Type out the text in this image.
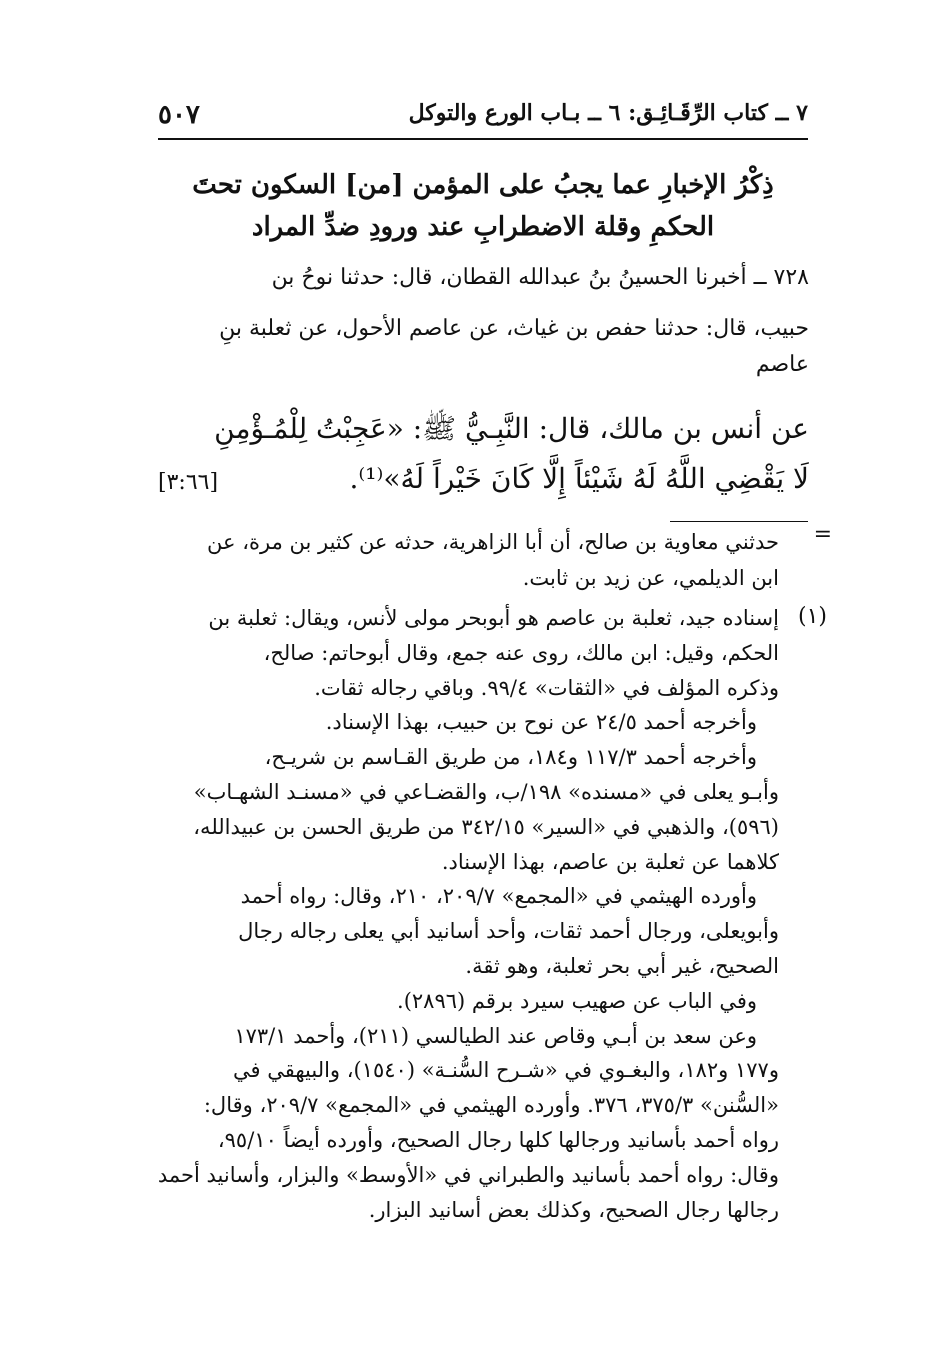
٧ ــ كتاب الرِّقَـائِـق: ٦ ــ بـاب الورع والتوكل
٥٠٧
ذِكْرُ الإخبارِ عما يجبُ على المؤمن [من] السكون تحتَ
الحكمِ وقلة الاضطرابِ عند ورودِ ضدِّ المراد
٧٢٨ ــ أخبرنا الحسينُ بنُ عبدالله القطان، قال: حدثنا نوحُ بن
حبيب، قال: حدثنا حفص بن غياث، عن عاصم الأحول، عن ثعلبة بنِ
عاصم
عن أنس بن مالك، قال: النَّبِـيُّ ﷺ: «عَجِبْتُ لِلْمُـؤْمِنِ
لَا يَقْضِي اللَّهُ لَهُ شَيْئاً إِلَّا كَانَ خَيْراً لَهُ»⁽¹⁾.
[٣:٦٦]
=
حدثني معاوية بن صالح، أن أبا الزاهرية، حدثه عن كثير بن مرة، عن
ابن الديلمي، عن زيد بن ثابت.
(١)
إسناده جيد، ثعلبة بن عاصم هو أبوبحر مولى لأنس، ويقال: ثعلبة بن
الحكم، وقيل: ابن مالك، روى عنه جمع، وقال أبوحاتم: صالح،
وذكره المؤلف في «الثقات» ٩٩/٤. وباقي رجاله ثقات.
وأخرجه أحمد ٢٤/٥ عن نوح بن حبيب، بهذا الإسناد.
وأخرجه أحمد ١١٧/٣ و١٨٤، من طريق القـاسم بن شريـح،
وأبـو يعلى في «مسنده» ١٩٨/ب، والقضـاعي في «مسنـد الشهـاب»
(٥٩٦)، والذهبي في «السير» ٣٤٢/١٥ من طريق الحسن بن عبيدالله،
كلاهما عن ثعلبة بن عاصم، بهذا الإسناد.
وأورده الهيثمي في «المجمع» ٢٠٩/٧، ٢١٠، وقال: رواه أحمد
وأبويعلى، ورجال أحمد ثقات، وأحد أسانيد أبي يعلى رجاله رجال
الصحيح، غير أبي بحر ثعلبة، وهو ثقة.
وفي الباب عن صهيب سيرد برقم (٢٨٩٦).
وعن سعد بن أبـي وقاص عند الطيالسي (٢١١)، وأحمد ١٧٣/١
و١٧٧ و١٨٢، والبغـوي في «شـرح السُّنـة» (١٥٤٠)، والبيهقي في
«السُّنن» ٣٧٥/٣، ٣٧٦. وأورده الهيثمي في «المجمع» ٢٠٩/٧، وقال:
رواه أحمد بأسانيد ورجالها كلها رجال الصحيح، وأورده أيضاً ٩٥/١٠،
وقال: رواه أحمد بأسانيد والطبراني في «الأوسط» والبزار، وأسانيد أحمد
رجالها رجال الصحيح، وكذلك بعض أسانيد البزار.
